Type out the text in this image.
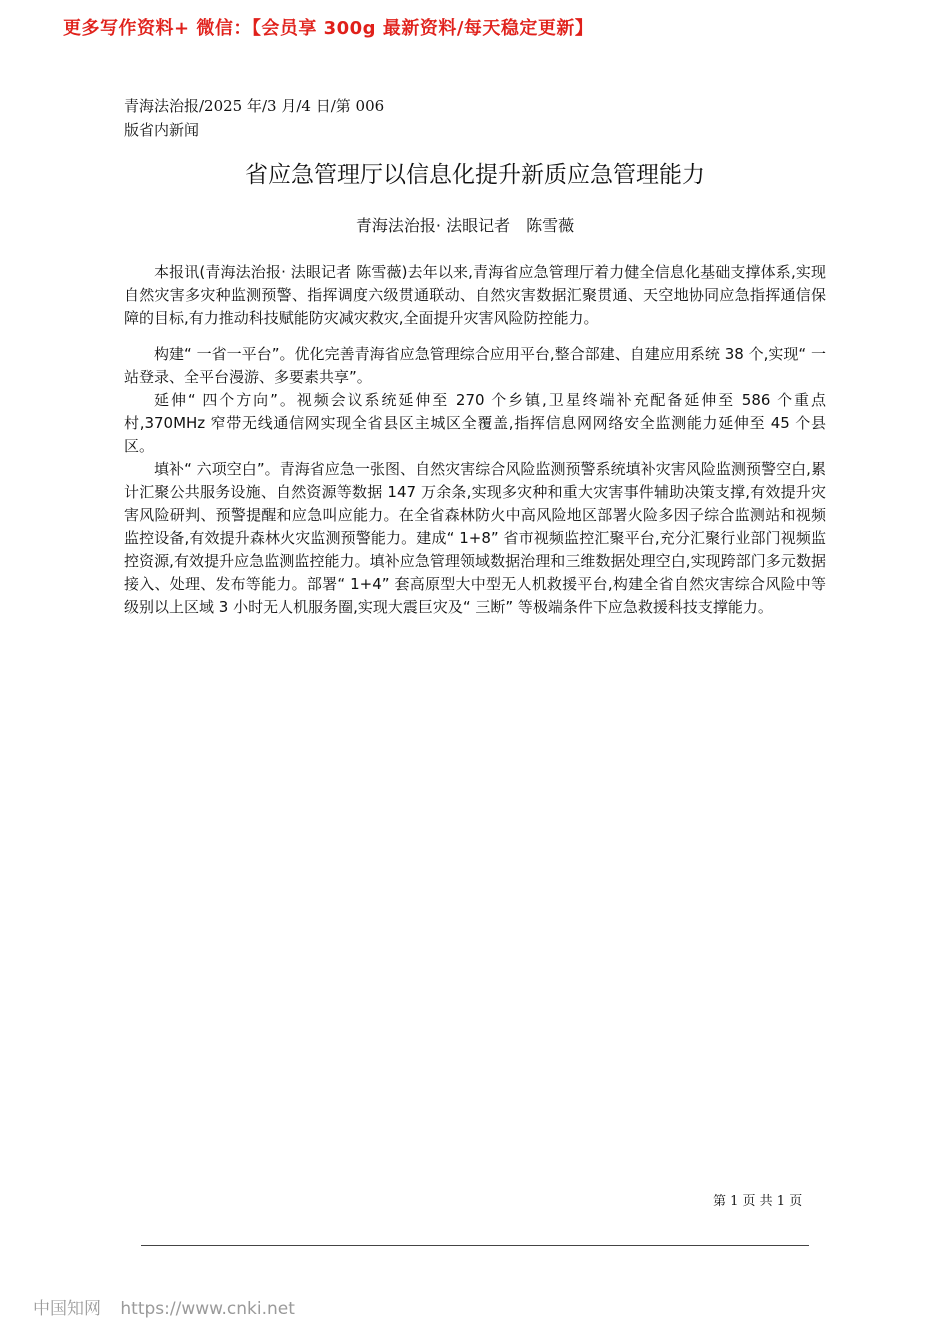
更多写作资料+ 微信：【会员享 300g 最新资料/每天稳定更新】
青海法治报/2025 年/3 月/4 日/第 006
版省内新闻
省应急管理厅以信息化提升新质应急管理能力
青海法治报· 法眼记者　陈雪薇

本报讯(青海法治报· 法眼记者 陈雪薇)去年以来,青海省应急管理厅着力健全信息化基础支撑体系,实现自然灾害多灾种监测预警、指挥调度六级贯通联动、自然灾害数据汇聚贯通、天空地协同应急指挥通信保障的目标,有力推动科技赋能防灾减灾救灾,全面提升灾害风险防控能力。

构建“ 一省一平台”。优化完善青海省应急管理综合应用平台,整合部建、自建应用系统 38 个,实现“ 一站登录、全平台漫游、多要素共享”。

延伸“ 四个方向”。视频会议系统延伸至 270 个乡镇,卫星终端补充配备延伸至 586 个重点村,370MHz 窄带无线通信网实现全省县区主城区全覆盖,指挥信息网网络安全监测能力延伸至 45 个县区。

填补“ 六项空白”。青海省应急一张图、自然灾害综合风险监测预警系统填补灾害风险监测预警空白,累计汇聚公共服务设施、自然资源等数据 147 万余条,实现多灾种和重大灾害事件辅助决策支撑,有效提升灾害风险研判、预警提醒和应急叫应能力。在全省森林防火中高风险地区部署火险多因子综合监测站和视频监控设备,有效提升森林火灾监测预警能力。建成“ 1+8” 省市视频监控汇聚平台,充分汇聚行业部门视频监控资源,有效提升应急监测监控能力。填补应急管理领域数据治理和三维数据处理空白,实现跨部门多元数据接入、处理、发布等能力。部署“ 1+4” 套高原型大中型无人机救援平台,构建全省自然灾害综合风险中等级别以上区域 3 小时无人机服务圈,实现大震巨灾及“ 三断” 等极端条件下应急救援科技支撑能力。

第 1 页 共 1 页
中国知网 https://www.cnki.net
